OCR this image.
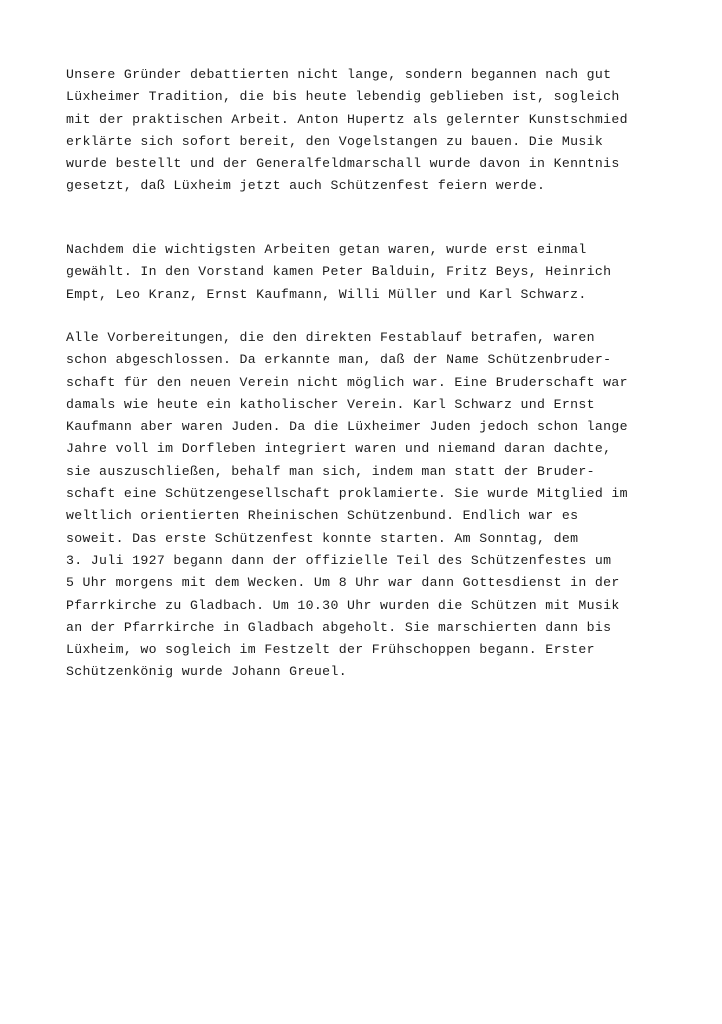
Unsere Gründer debattierten nicht lange, sondern begannen nach gut
Lüxheimer Tradition, die bis heute lebendig geblieben ist, sogleich
mit der praktischen Arbeit. Anton Hupertz als gelernter Kunstschmied
erklärte sich sofort bereit, den Vogelstangen zu bauen. Die Musik
wurde bestellt und der Generalfeldmarschall wurde davon in Kenntnis
gesetzt, daß Lüxheim jetzt auch Schützenfest feiern werde.

Nachdem die wichtigsten Arbeiten getan waren, wurde erst einmal
gewählt. In den Vorstand kamen Peter Balduin, Fritz Beys, Heinrich
Empt, Leo Kranz, Ernst Kaufmann, Willi Müller und Karl Schwarz.

Alle Vorbereitungen, die den direkten Festablauf betrafen, waren
schon abgeschlossen. Da erkannte man, daß der Name Schützenbruder-
schaft für den neuen Verein nicht möglich war. Eine Bruderschaft war
damals wie heute ein katholischer Verein. Karl Schwarz und Ernst
Kaufmann aber waren Juden. Da die Lüxheimer Juden jedoch schon lange
Jahre voll im Dorfleben integriert waren und niemand daran dachte,
sie auszuschließen, behalf man sich, indem man statt der Bruder-
schaft eine Schützengesellschaft proklamierte. Sie wurde Mitglied im
weltlich orientierten Rheinischen Schützenbund. Endlich war es
soweit. Das erste Schützenfest konnte starten. Am Sonntag, dem
3. Juli 1927 begann dann der offizielle Teil des Schützenfestes um
5 Uhr morgens mit dem Wecken. Um 8 Uhr war dann Gottesdienst in der
Pfarrkirche zu Gladbach. Um 10.30 Uhr wurden die Schützen mit Musik
an der Pfarrkirche in Gladbach abgeholt. Sie marschierten dann bis
Lüxheim, wo sogleich im Festzelt der Frühschoppen begann. Erster
Schützenkönig wurde Johann Greuel.
